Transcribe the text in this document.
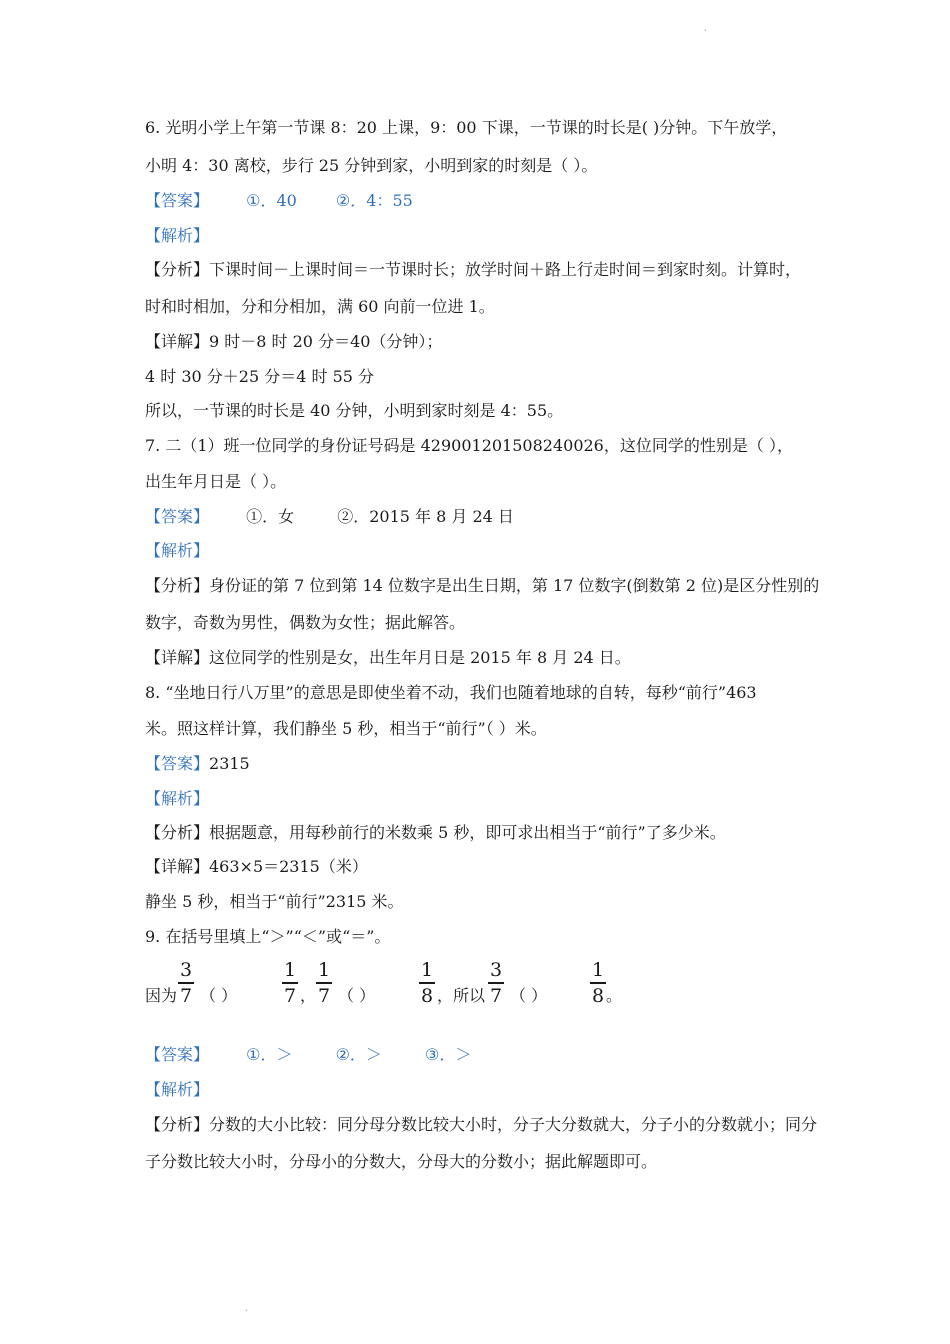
ˎ
6. 光明小学上午第一节课 8：20 上课，9：00 下课，一节课的时长是( )分钟。下午放学，
小明 4：30 离校，步行 25 分钟到家，小明到家的时刻是（ ）。
【答案】 ①．40 ②．4：55
【解析】
【分析】下课时间－上课时间＝一节课时长；放学时间＋路上行走时间＝到家时刻。计算时，
时和时相加，分和分相加，满 60 向前一位进 1。
【详解】9 时－8 时 20 分＝40（分钟）；
4 时 30 分＋25 分＝4 时 55 分
所以，一节课的时长是 40 分钟，小明到家时刻是 4：55。
7. 二（1）班一位同学的身份证号码是 429001201508240026，这位同学的性别是（ ），
出生年月日是（ ）。
【答案】 ①．女	②．2015 年 8 月 24 日
【解析】
【分析】身份证的第 7 位到第 14 位数字是出生日期，第 17 位数字(倒数第 2 位)是区分性别的
数字，奇数为男性，偶数为女性；据此解答。
【详解】这位同学的性别是女，出生年月日是 2015 年 8 月 24 日。
8. “坐地日行八万里”的意思是即使坐着不动，我们也随着地球的自转，每秒“前行”463
米。照这样计算，我们静坐 5 秒，相当于“前行”（ ）米。
【答案】2315
【解析】
【分析】根据题意，用每秒前行的米数乘 5 秒，即可求出相当于“前行”了多少米。
【详解】463×5＝2315（米）
静坐 5 秒，相当于“前行”2315 米。
9. 在括号里填上“＞”“＜”或“＝”。
因为
3
7 （ ）
1
7 ，
1
7 （ ）
1
8 ，所以
3
7 （ ）
1
8 。
【答案】 ①．＞	②．＞	③．＞
【解析】
【分析】分数的大小比较：同分母分数比较大小时，分子大分数就大，分子小的分数就小；同分
子分数比较大小时，分母小的分数大，分母大的分数小；据此解题即可。
ˎ
